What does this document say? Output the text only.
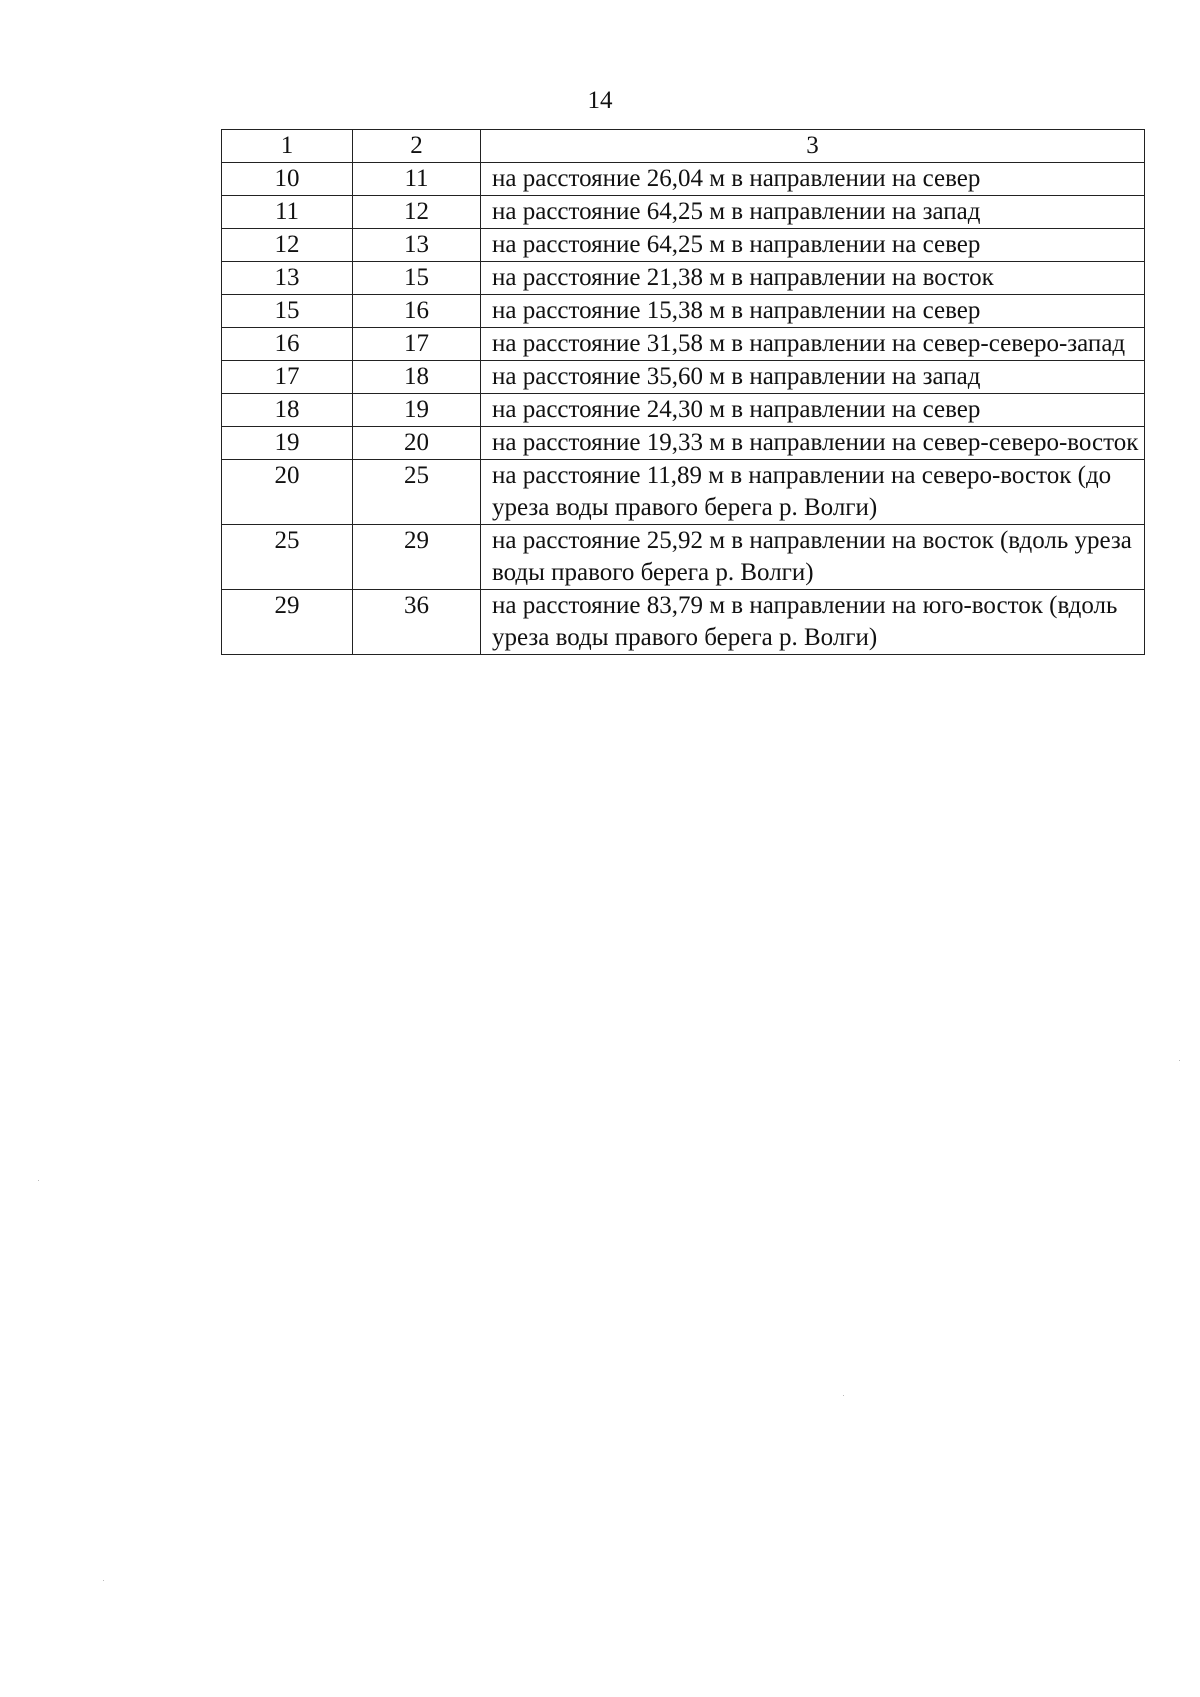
14
1	2	3
10	11	на расстояние 26,04 м в направлении на север
11	12	на расстояние 64,25 м в направлении на запад
12	13	на расстояние 64,25 м в направлении на север
13	15	на расстояние 21,38 м в направлении на восток
15	16	на расстояние 15,38 м в направлении на север
16	17	на расстояние 31,58 м в направлении на север-северо-запад
17	18	на расстояние 35,60 м в направлении на запад
18	19	на расстояние 24,30 м в направлении на север
19	20	на расстояние 19,33 м в направлении на север-северо-восток
20	25	на расстояние 11,89 м в направлении на северо-восток (до уреза воды правого берега р. Волги)
25	29	на расстояние 25,92 м в направлении на восток (вдоль уреза воды правого берега р. Волги)
29	36	на расстояние 83,79 м в направлении на юго-восток (вдоль уреза воды правого берега р. Волги)
